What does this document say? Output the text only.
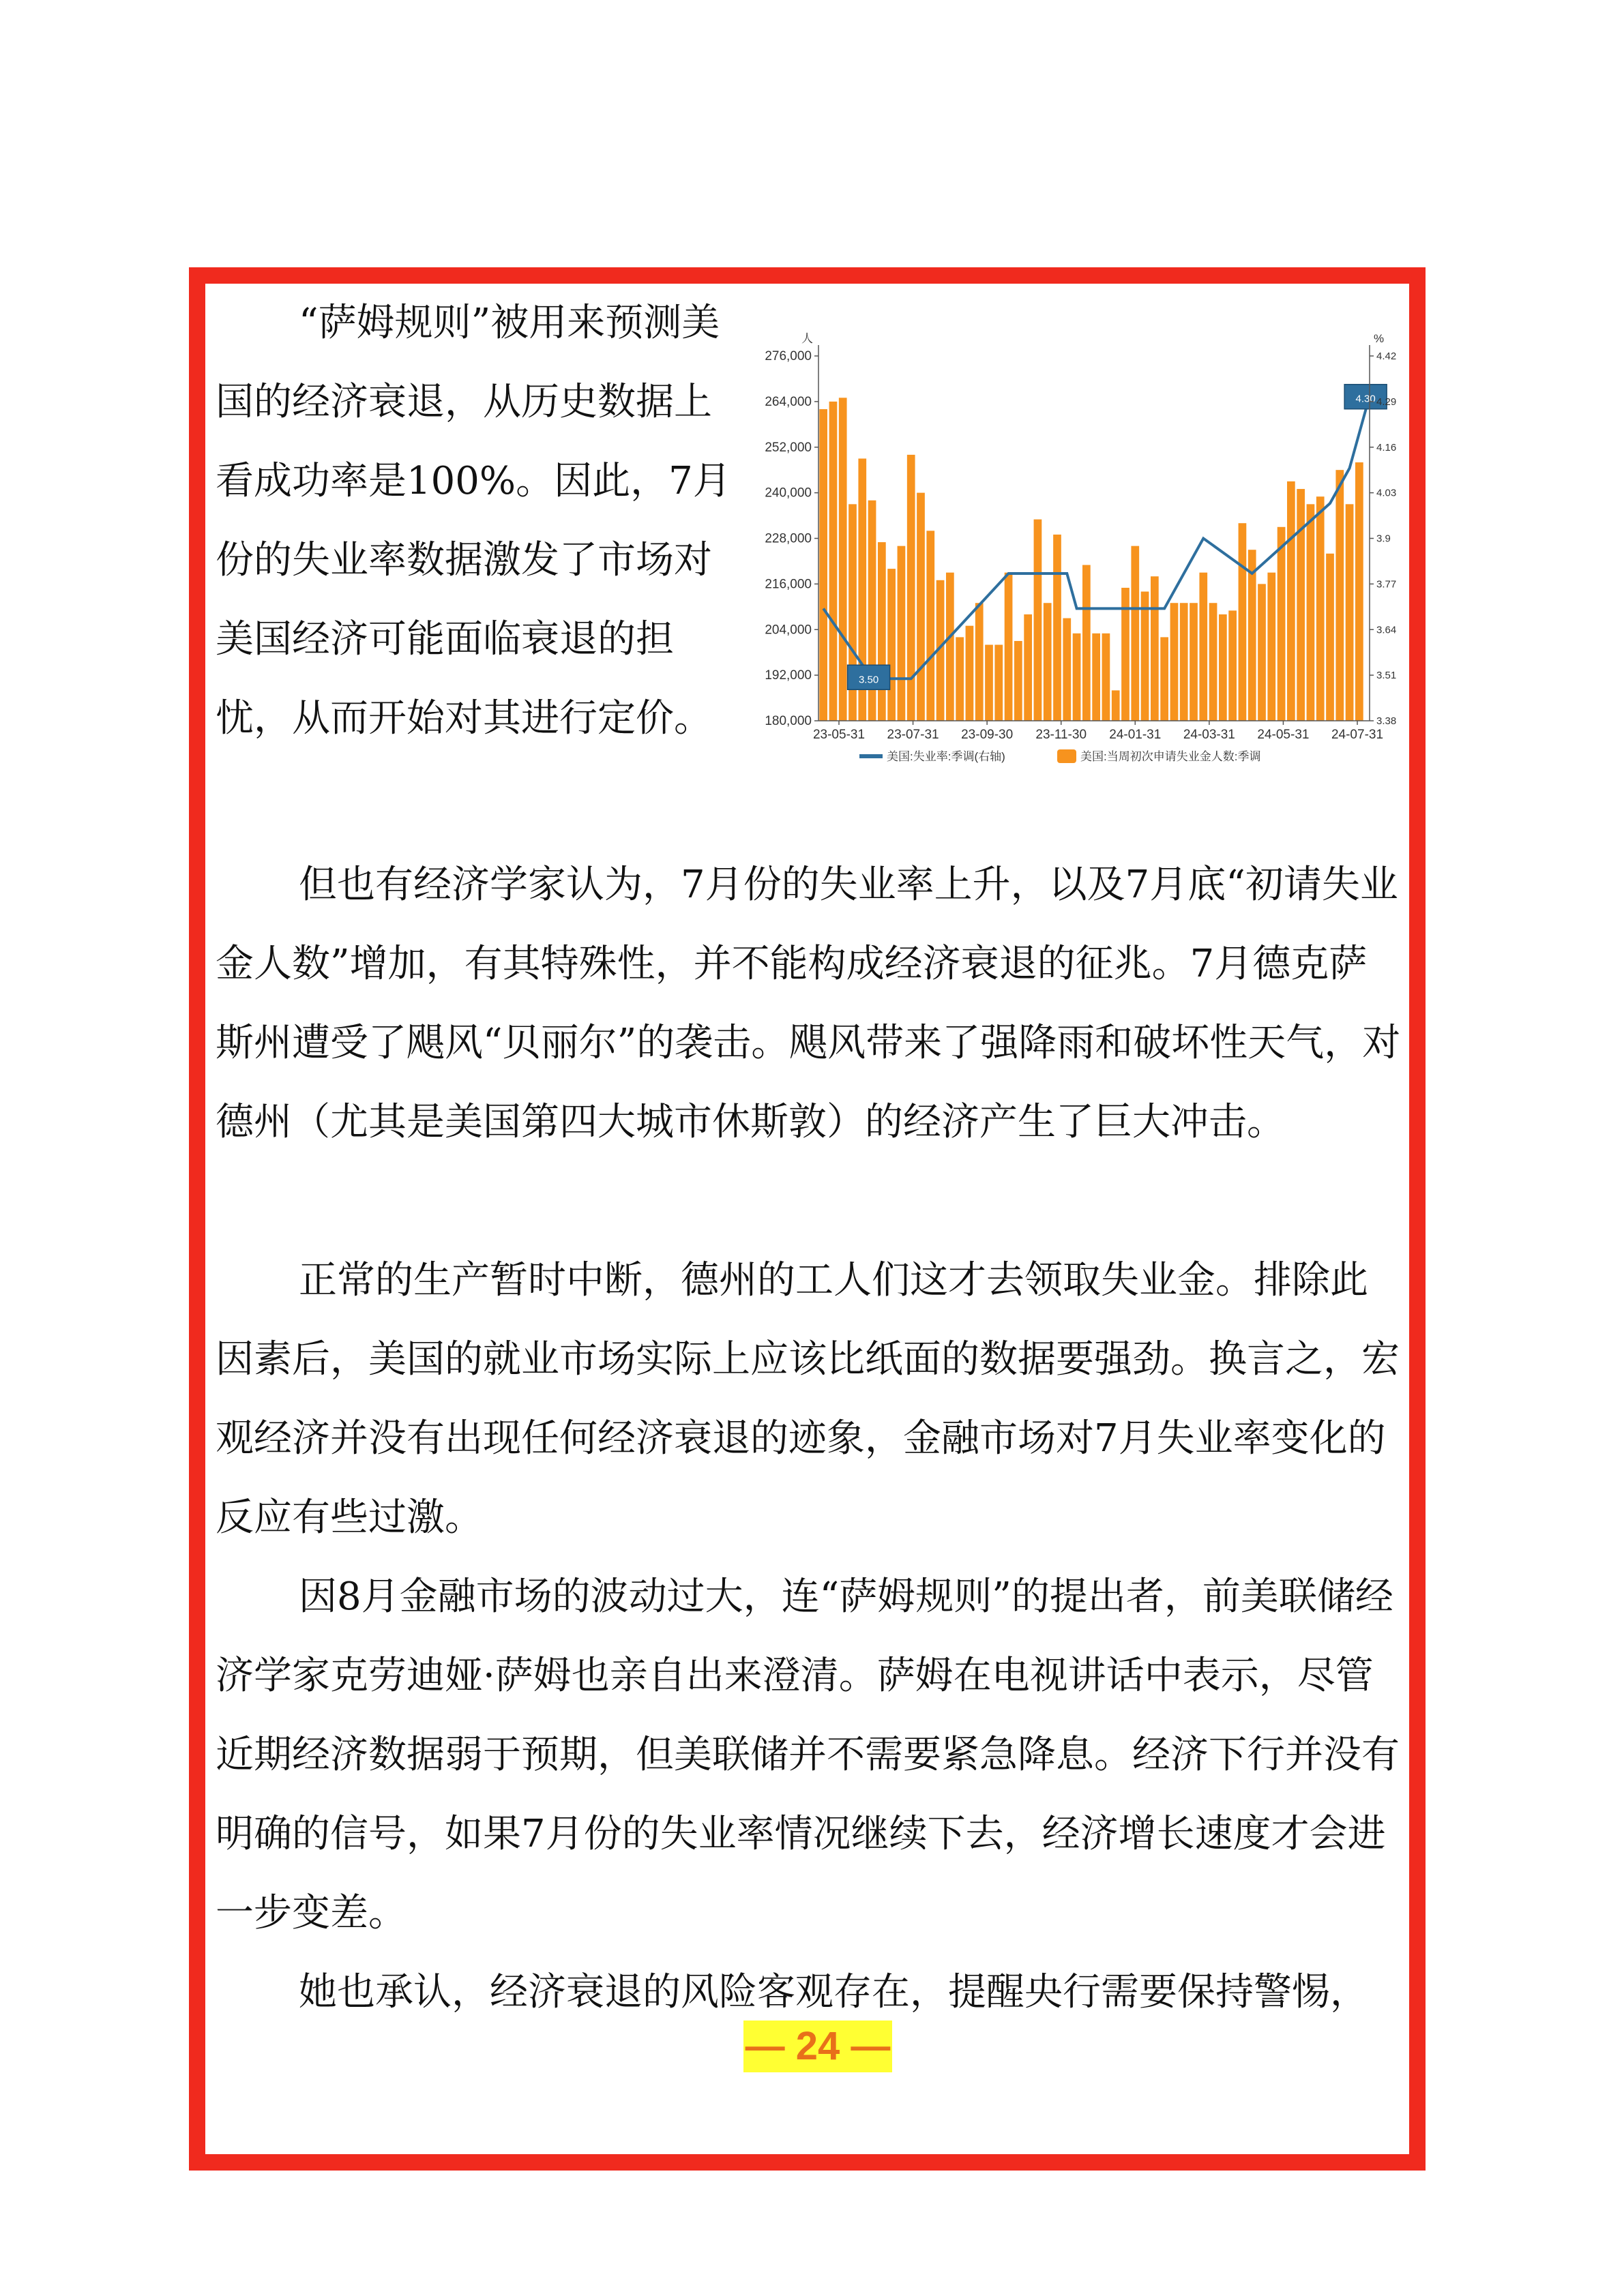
“萨姆规则”被用来预测美国的经济衰退，从历史数据上看成功率是100%。因此，7月份的失业率数据激发了市场对美国经济可能面临衰退的担忧，从而开始对其进行定价。

3.50
4.30
人	%
180,000
192,000
204,000
216,000
228,000
240,000
252,000
264,000
276,000
3.38
3.51
3.64
3.77
3.9
4.03
4.16
4.29
4.42
23-05-31 23-07-31 23-09-30 23-11-30 24-01-31 24-03-31 24-05-31 24-07-31
美国:失业率:季调(右轴)	美国:当周初次申请失业金人数:季调

但也有经济学家认为，7月份的失业率上升，以及7月底“初请失业金人数”增加，有其特殊性，并不能构成经济衰退的征兆。7月德克萨斯州遭受了飓风“贝丽尔”的袭击。飓风带来了强降雨和破坏性天气，对德州（尤其是美国第四大城市休斯敦）的经济产生了巨大冲击。

正常的生产暂时中断，德州的工人们这才去领取失业金。排除此因素后，美国的就业市场实际上应该比纸面的数据要强劲。换言之，宏观经济并没有出现任何经济衰退的迹象，金融市场对7月失业率变化的反应有些过激。

因8月金融市场的波动过大，连“萨姆规则”的提出者，前美联储经济学家克劳迪娅·萨姆也亲自出来澄清。萨姆在电视讲话中表示，尽管近期经济数据弱于预期，但美联储并不需要紧急降息。经济下行并没有明确的信号，如果7月份的失业率情况继续下去，经济增长速度才会进一步变差。

她也承认，经济衰退的风险客观存在，提醒央行需要保持警惕，

— 24 —
